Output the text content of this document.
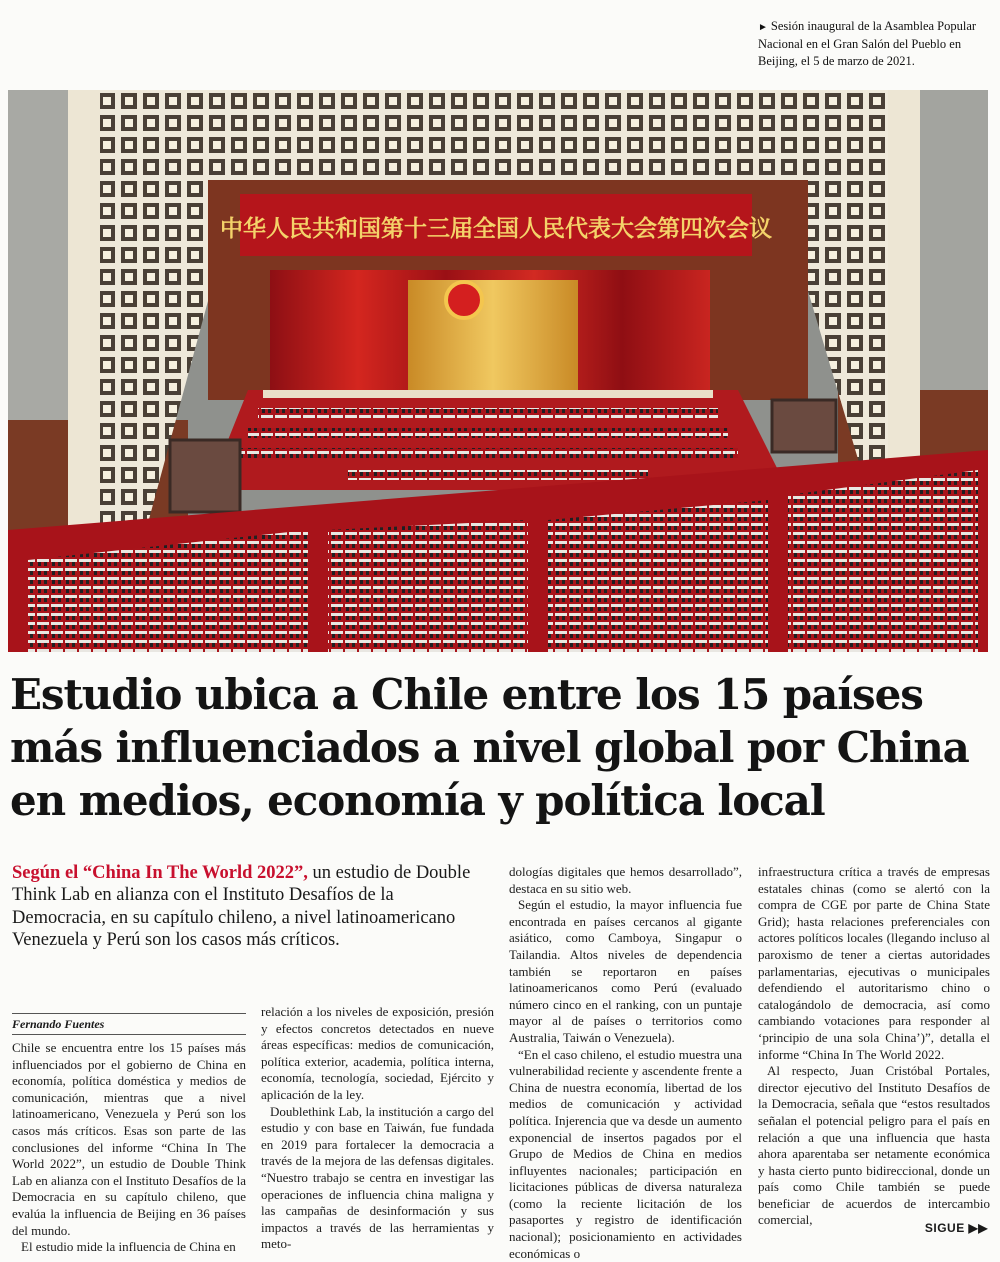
► Sesión inaugural de la Asamblea Popular Nacional en el Gran Salón del Pueblo en Beijing, el 5 de marzo de 2021.
中华人民共和国第十三届全国人民代表大会第四次会议
Estudio ubica a Chile entre los 15 países más influenciados a nivel global por China en medios, economía y política local
Según el “China In The World 2022”, un estudio de Double Think Lab en alianza con el Instituto Desafíos de la Democracia, en su capítulo chileno, a nivel latinoamericano Venezuela y Perú son los casos más críticos.
Fernando Fuentes

Chile se encuentra entre los 15 países más influenciados por el gobierno de China en economía, política doméstica y medios de comunicación, mientras que a nivel latinoamericano, Venezuela y Perú son los casos más críticos. Esas son parte de las conclusiones del informe “China In The World 2022”, un estudio de Double Think Lab en alianza con el Instituto Desafíos de la Democracia en su capítulo chileno, que evalúa la influencia de Beijing en 36 países del mundo.

El estudio mide la influencia de China en

relación a los niveles de exposición, presión y efectos concretos detectados en nueve áreas específicas: medios de comunicación, política exterior, academia, política interna, economía, tecnología, sociedad, Ejército y aplicación de la ley.

Doublethink Lab, la institución a cargo del estudio y con base en Taiwán, fue fundada en 2019 para fortalecer la democracia a través de la mejora de las defensas digitales. “Nuestro trabajo se centra en investigar las operaciones de influencia china maligna y las campañas de desinformación y sus impactos a través de las herramientas y meto-

dologías digitales que hemos desarrollado”, destaca en su sitio web.

Según el estudio, la mayor influencia fue encontrada en países cercanos al gigante asiático, como Camboya, Singapur o Tailandia. Altos niveles de dependencia también se reportaron en países latinoamericanos como Perú (evaluado número cinco en el ranking, con un puntaje mayor al de países o territorios como Australia, Taiwán o Venezuela).

“En el caso chileno, el estudio muestra una vulnerabilidad reciente y ascendente frente a China de nuestra economía, libertad de los medios de comunicación y actividad política. Injerencia que va desde un aumento exponencial de insertos pagados por el Grupo de Medios de China en medios influyentes nacionales; participación en licitaciones públicas de diversa naturaleza (como la reciente licitación de los pasaportes y registro de identificación nacional); posicionamiento en actividades económicas o

infraestructura crítica a través de empresas estatales chinas (como se alertó con la compra de CGE por parte de China State Grid); hasta relaciones preferenciales con actores políticos locales (llegando incluso al paroxismo de tener a ciertas autoridades parlamentarias, ejecutivas o municipales defendiendo el autoritarismo chino o catalogándolo de democracia, así como cambiando votaciones para responder al ‘principio de una sola China’)”, detalla el informe “China In The World 2022.

Al respecto, Juan Cristóbal Portales, director ejecutivo del Instituto Desafíos de la Democracia, señala que “estos resultados señalan el potencial peligro para el país en relación a que una influencia que hasta ahora aparentaba ser netamente económica y hasta cierto punto bidireccional, donde un país como Chile también se puede beneficiar de acuerdos de intercambio comercial,

SIGUE ▶▶
